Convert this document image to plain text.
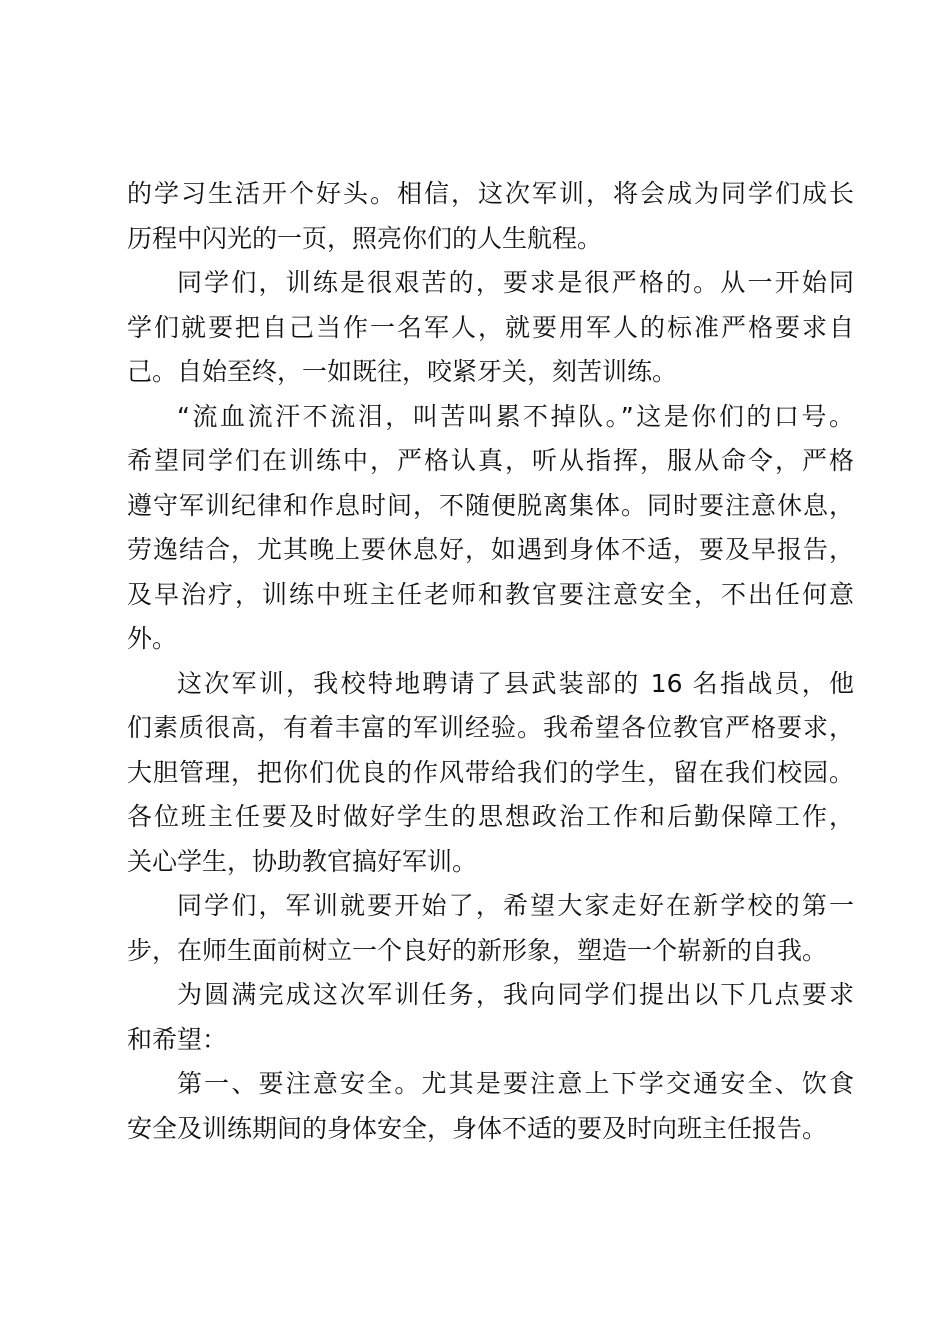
的学习生活开个好头。相信，这次军训，将会成为同学们成长
历程中闪光的一页，照亮你们的人生航程。
同学们，训练是很艰苦的，要求是很严格的。从一开始同
学们就要把自己当作一名军人，就要用军人的标准严格要求自
己。自始至终，一如既往，咬紧牙关，刻苦训练。
“流血流汗不流泪，叫苦叫累不掉队。”这是你们的口号。
希望同学们在训练中，严格认真，听从指挥，服从命令，严格
遵守军训纪律和作息时间，不随便脱离集体。同时要注意休息，
劳逸结合，尤其晚上要休息好，如遇到身体不适，要及早报告，
及早治疗，训练中班主任老师和教官要注意安全，不出任何意
外。
这次军训，我校特地聘请了县武装部的 16 名指战员，他
们素质很高，有着丰富的军训经验。我希望各位教官严格要求，
大胆管理，把你们优良的作风带给我们的学生，留在我们校园。
各位班主任要及时做好学生的思想政治工作和后勤保障工作，
关心学生，协助教官搞好军训。
同学们，军训就要开始了，希望大家走好在新学校的第一
步，在师生面前树立一个良好的新形象，塑造一个崭新的自我。
为圆满完成这次军训任务，我向同学们提出以下几点要求
和希望：
第一、要注意安全。尤其是要注意上下学交通安全、饮食
安全及训练期间的身体安全，身体不适的要及时向班主任报告。
